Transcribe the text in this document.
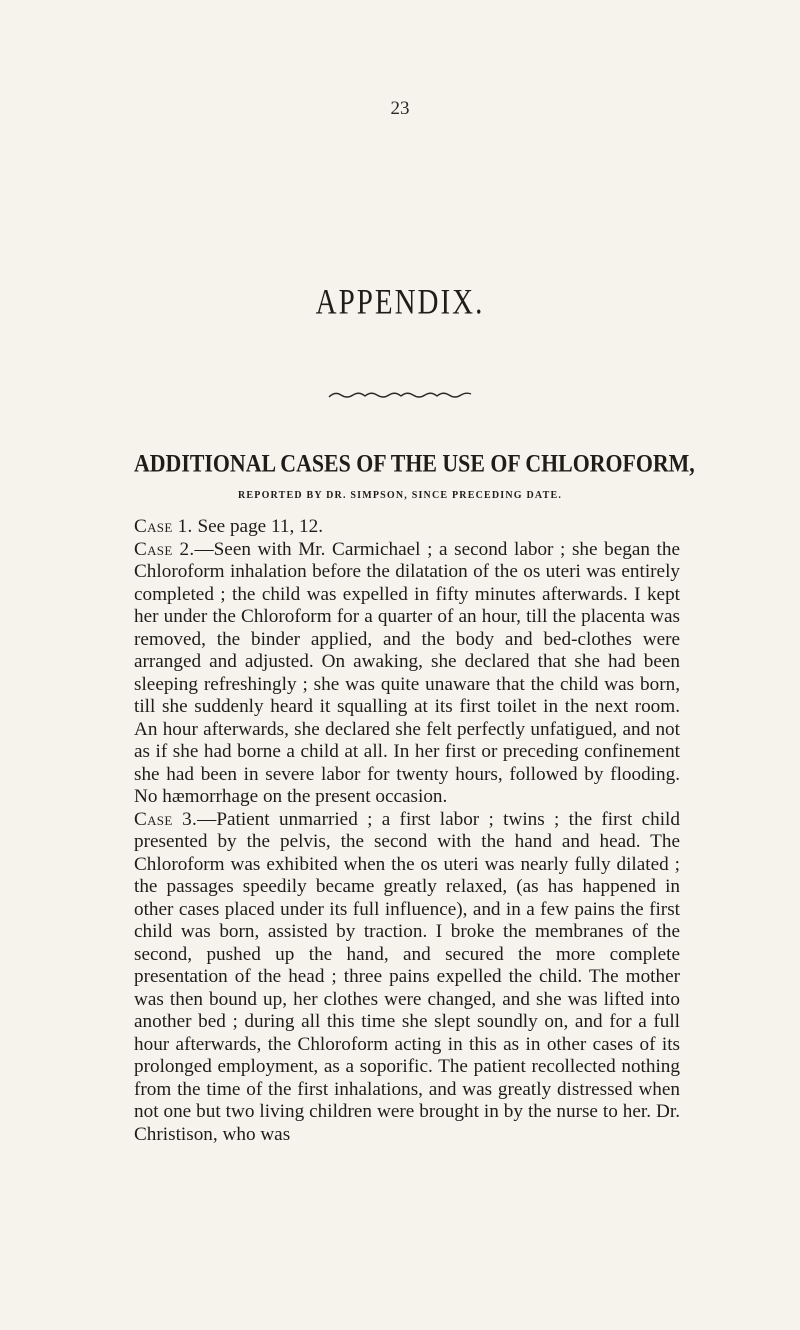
23
APPENDIX.
ADDITIONAL CASES OF THE USE OF CHLOROFORM,
REPORTED BY DR. SIMPSON, SINCE PRECEDING DATE.

Case 1. See page 11, 12.

Case 2.—Seen with Mr. Carmichael ; a second labor ; she began the Chloroform inhalation before the dilatation of the os uteri was entirely completed ; the child was expelled in fifty minutes afterwards. I kept her under the Chloroform for a quarter of an hour, till the placenta was removed, the binder applied, and the body and bed-clothes were arranged and adjusted. On awaking, she declared that she had been sleeping refreshingly ; she was quite unaware that the child was born, till she suddenly heard it squalling at its first toilet in the next room. An hour afterwards, she declared she felt perfectly unfatigued, and not as if she had borne a child at all. In her first or preceding confinement she had been in severe labor for twenty hours, followed by flooding. No hæmorrhage on the present occasion.

Case 3.—Patient unmarried ; a first labor ; twins ; the first child presented by the pelvis, the second with the hand and head. The Chloroform was exhibited when the os uteri was nearly fully dilated ; the passages speedily became greatly relaxed, (as has happened in other cases placed under its full influence), and in a few pains the first child was born, assisted by traction. I broke the membranes of the second, pushed up the hand, and secured the more complete presentation of the head ; three pains expelled the child. The mother was then bound up, her clothes were changed, and she was lifted into another bed ; during all this time she slept soundly on, and for a full hour afterwards, the Chloroform acting in this as in other cases of its prolonged employment, as a soporific. The patient recollected nothing from the time of the first inhalations, and was greatly distressed when not one but two living children were brought in by the nurse to her. Dr. Christison, who was
